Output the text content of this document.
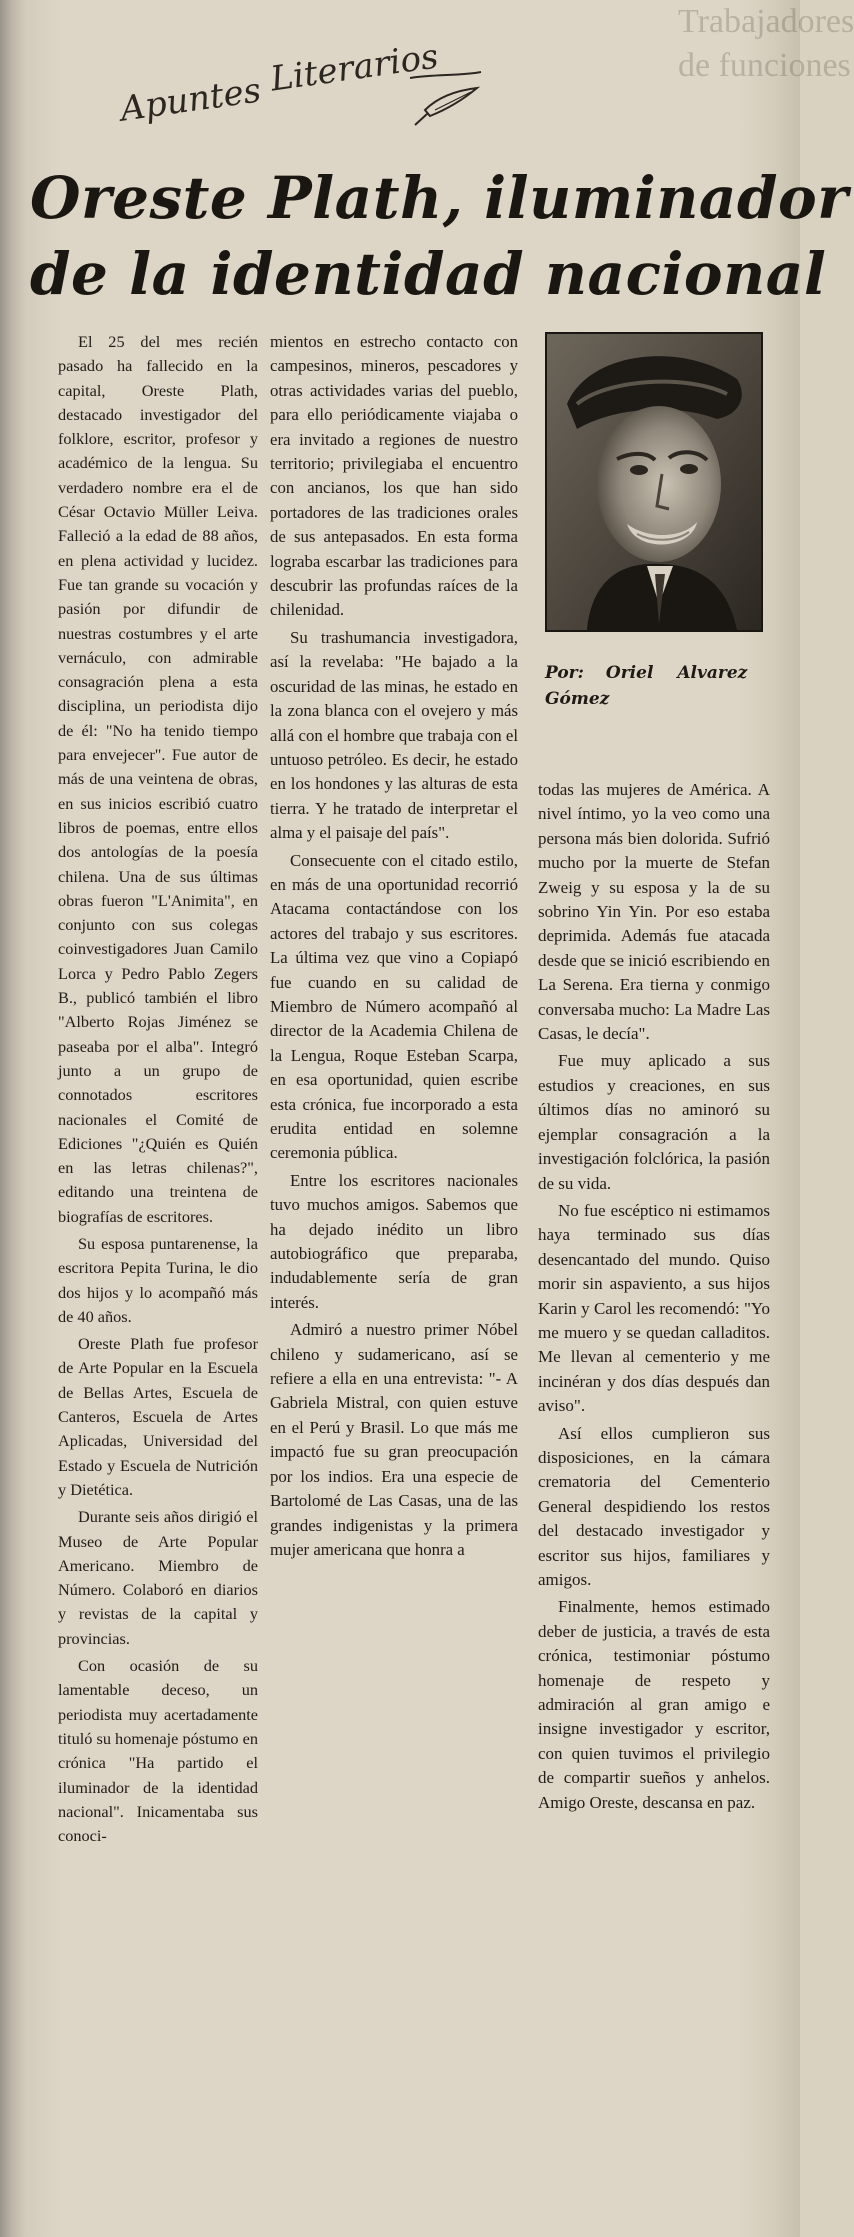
Trabajadores
de funciones
Apuntes
Literarios
Oreste Plath, iluminador
de la identidad nacional

El 25 del mes recién pasado ha fallecido en la capital, Oreste Plath, destacado investigador del folklore, escritor, profesor y académico de la lengua. Su verdadero nombre era el de César Octavio Müller Leiva. Falleció a la edad de 88 años, en plena actividad y lucidez. Fue tan grande su vocación y pasión por difundir de nuestras costumbres y el arte vernáculo, con admirable consagración plena a esta disciplina, un periodista dijo de él: "No ha tenido tiempo para envejecer". Fue autor de más de una veintena de obras, en sus inicios escribió cuatro libros de poemas, entre ellos dos antologías de la poesía chilena. Una de sus últimas obras fueron "L'Animita", en conjunto con sus colegas coinvestigadores Juan Camilo Lorca y Pedro Pablo Zegers B., publicó también el libro "Alberto Rojas Jiménez se paseaba por el alba". Integró junto a un grupo de connotados escritores nacionales el Comité de Ediciones "¿Quién es Quién en las letras chilenas?", editando una treintena de biografías de escritores.

Su esposa puntarenense, la escritora Pepita Turina, le dio dos hijos y lo acompañó más de 40 años.

Oreste Plath fue profesor de Arte Popular en la Escuela de Bellas Artes, Escuela de Canteros, Escuela de Artes Aplicadas, Universidad del Estado y Escuela de Nutrición y Dietética.

Durante seis años dirigió el Museo de Arte Popular Americano. Miembro de Número. Colaboró en diarios y revistas de la capital y provincias.

Con ocasión de su lamentable deceso, un periodista muy acertadamente tituló su homenaje póstumo en crónica "Ha partido el iluminador de la identidad nacional". Inicamentaba sus conoci-

mientos en estrecho contacto con campesinos, mineros, pescadores y otras actividades varias del pueblo, para ello periódicamente viajaba o era invitado a regiones de nuestro territorio; privilegiaba el encuentro con ancianos, los que han sido portadores de las tradiciones orales de sus antepasados. En esta forma lograba escarbar las tradiciones para descubrir las profundas raíces de la chilenidad.

Su trashumancia investigadora, así la revelaba: "He bajado a la oscuridad de las minas, he estado en la zona blanca con el ovejero y más allá con el hombre que trabaja con el untuoso petróleo. Es decir, he estado en los hondones y las alturas de esta tierra. Y he tratado de interpretar el alma y el paisaje del país".

Consecuente con el citado estilo, en más de una oportunidad recorrió Atacama contactándose con los actores del trabajo y sus escritores. La última vez que vino a Copiapó fue cuando en su calidad de Miembro de Número acompañó al director de la Academia Chilena de la Lengua, Roque Esteban Scarpa, en esa oportunidad, quien escribe esta crónica, fue incorporado a esta erudita entidad en solemne ceremonia pública.

Entre los escritores nacionales tuvo muchos amigos. Sabemos que ha dejado inédito un libro autobiográfico que preparaba, indudablemente sería de gran interés.

Admiró a nuestro primer Nóbel chileno y sudamericano, así se refiere a ella en una entrevista: "- A Gabriela Mistral, con quien estuve en el Perú y Brasil. Lo que más me impactó fue su gran preocupación por los indios. Era una especie de Bartolomé de Las Casas, una de las grandes indigenistas y la primera mujer americana que honra a

Por: Oriel Alvarez Gómez

todas las mujeres de América. A nivel íntimo, yo la veo como una persona más bien dolorida. Sufrió mucho por la muerte de Stefan Zweig y su esposa y la de su sobrino Yin Yin. Por eso estaba deprimida. Además fue atacada desde que se inició escribiendo en La Serena. Era tierna y conmigo conversaba mucho: La Madre Las Casas, le decía".

Fue muy aplicado a sus estudios y creaciones, en sus últimos días no aminoró su ejemplar consagración a la investigación folclórica, la pasión de su vida.

No fue escéptico ni estimamos haya terminado sus días desencantado del mundo. Quiso morir sin aspaviento, a sus hijos Karin y Carol les recomendó: "Yo me muero y se quedan calladitos. Me llevan al cementerio y me incinéran y dos días después dan aviso".

Así ellos cumplieron sus disposiciones, en la cámara crematoria del Cementerio General despidiendo los restos del destacado investigador y escritor sus hijos, familiares y amigos.

Finalmente, hemos estimado deber de justicia, a través de esta crónica, testimoniar póstumo homenaje de respeto y admiración al gran amigo e insigne investigador y escritor, con quien tuvimos el privilegio de compartir sueños y anhelos. Amigo Oreste, descansa en paz.
